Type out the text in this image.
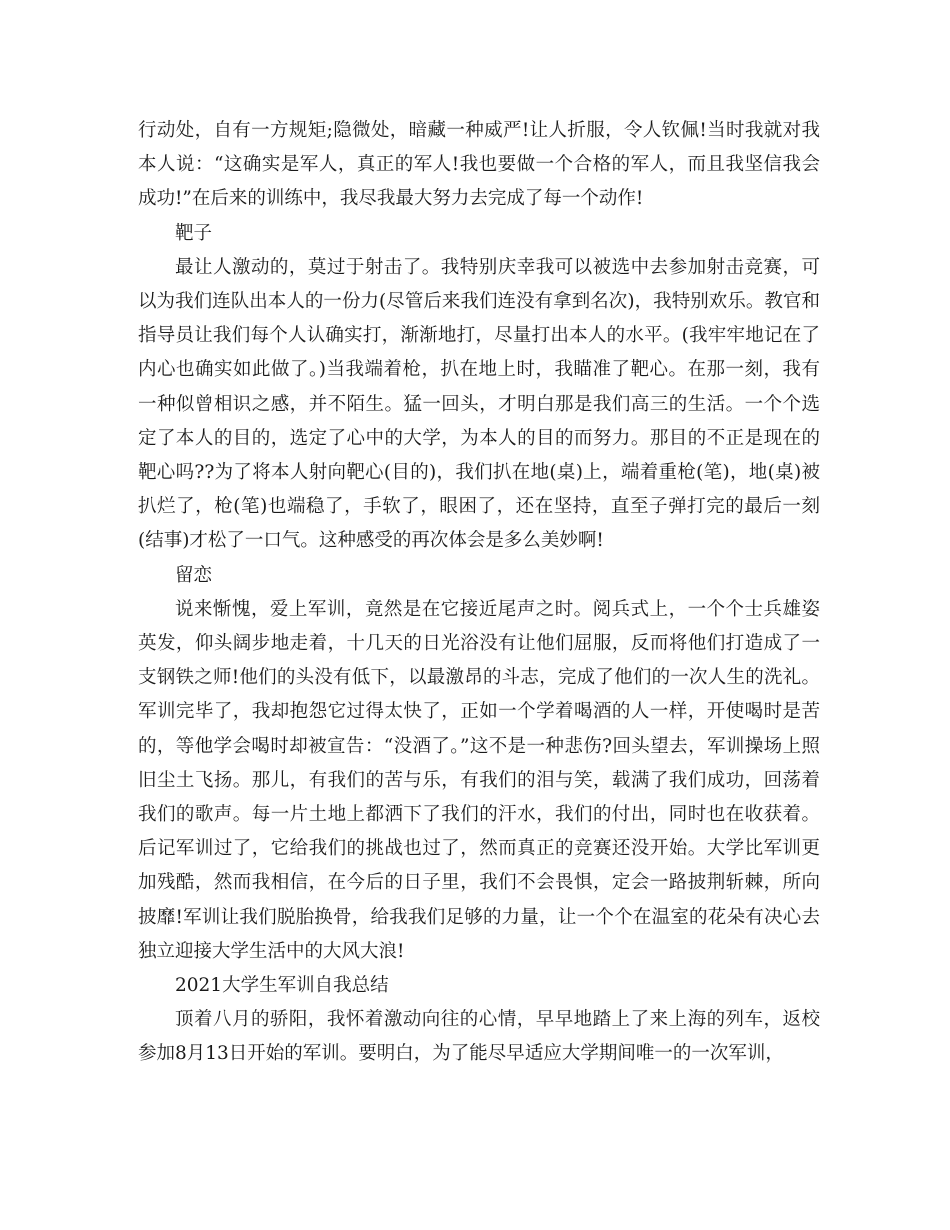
行动处，自有一方规矩;隐微处，暗藏一种威严!让人折服，令人钦佩!当时我就对我本人说：“这确实是军人，真正的军人!我也要做一个合格的军人，而且我坚信我会成功!”在后来的训练中，我尽我最大努力去完成了每一个动作!

靶子

最让人激动的，莫过于射击了。我特别庆幸我可以被选中去参加射击竞赛，可以为我们连队出本人的一份力(尽管后来我们连没有拿到名次)，我特别欢乐。教官和指导员让我们每个人认确实打，渐渐地打，尽量打出本人的水平。(我牢牢地记在了内心也确实如此做了。)当我端着枪，扒在地上时，我瞄准了靶心。在那一刻，我有一种似曾相识之感，并不陌生。猛一回头，才明白那是我们高三的生活。一个个选定了本人的目的，选定了心中的大学，为本人的目的而努力。那目的不正是现在的靶心吗??为了将本人射向靶心(目的)，我们扒在地(桌)上，端着重枪(笔)，地(桌)被扒烂了，枪(笔)也端稳了，手软了，眼困了，还在坚持，直至子弹打完的最后一刻(结事)才松了一口气。这种感受的再次体会是多么美妙啊!

留恋

说来惭愧，爱上军训，竟然是在它接近尾声之时。阅兵式上，一个个士兵雄姿英发，仰头阔步地走着，十几天的日光浴没有让他们屈服，反而将他们打造成了一支钢铁之师!他们的头没有低下，以最激昂的斗志，完成了他们的一次人生的洗礼。军训完毕了，我却抱怨它过得太快了，正如一个学着喝酒的人一样，开使喝时是苦的，等他学会喝时却被宣告：“没酒了。”这不是一种悲伤?回头望去，军训操场上照旧尘土飞扬。那儿，有我们的苦与乐，有我们的泪与笑，载满了我们成功，回荡着我们的歌声。每一片土地上都洒下了我们的汗水，我们的付出，同时也在收获着。后记军训过了，它给我们的挑战也过了，然而真正的竞赛还没开始。大学比军训更加残酷，然而我相信，在今后的日子里，我们不会畏惧，定会一路披荆斩棘，所向披靡!军训让我们脱胎换骨，给我我们足够的力量，让一个个在温室的花朵有决心去独立迎接大学生活中的大风大浪!

2021大学生军训自我总结

顶着八月的骄阳，我怀着激动向往的心情，早早地踏上了来上海的列车，返校参加8月13日开始的军训。要明白，为了能尽早适应大学期间唯一的一次军训，
